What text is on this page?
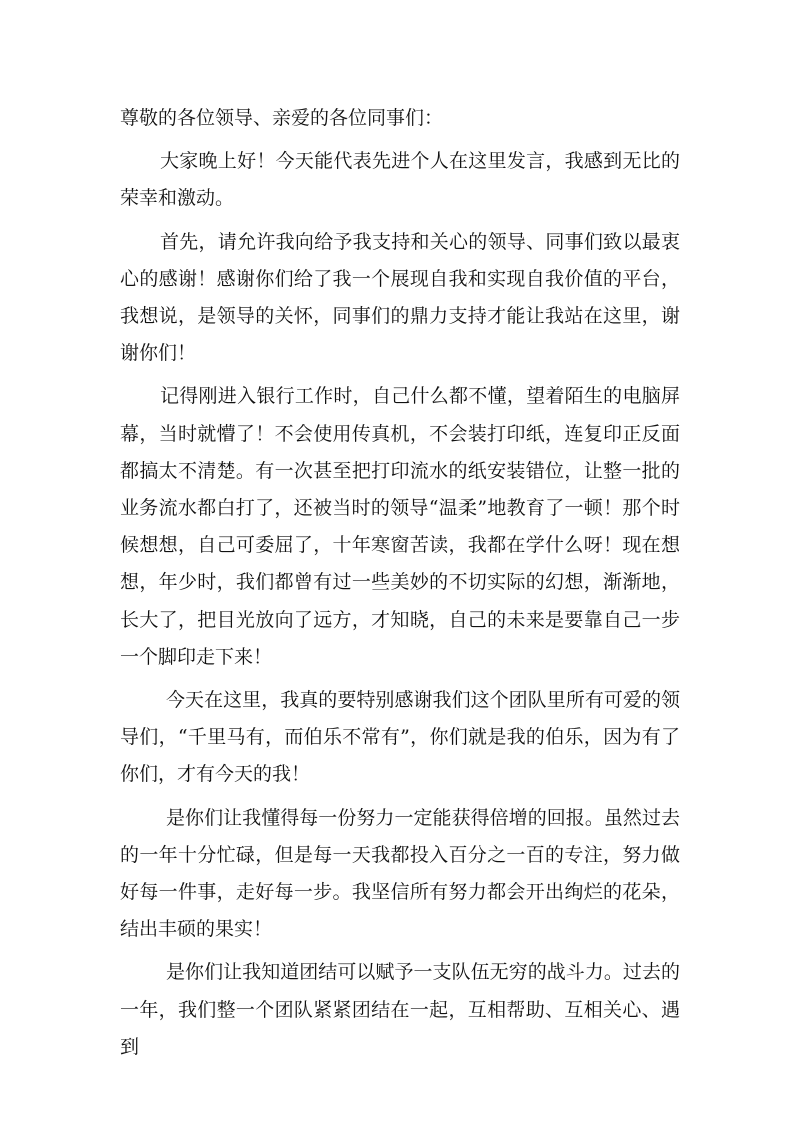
尊敬的各位领导、亲爱的各位同事们：

大家晚上好！今天能代表先进个人在这里发言，我感到无比的荣幸和激动。

首先，请允许我向给予我支持和关心的领导、同事们致以最衷心的感谢！感谢你们给了我一个展现自我和实现自我价值的平台，我想说，是领导的关怀，同事们的鼎力支持才能让我站在这里，谢谢你们！

记得刚进入银行工作时，自己什么都不懂，望着陌生的电脑屏幕，当时就懵了！不会使用传真机，不会装打印纸，连复印正反面都搞太不清楚。有一次甚至把打印流水的纸安装错位，让整一批的业务流水都白打了，还被当时的领导“温柔”地教育了一顿！那个时候想想，自己可委屈了，十年寒窗苦读，我都在学什么呀！现在想想，年少时，我们都曾有过一些美妙的不切实际的幻想，渐渐地，长大了，把目光放向了远方，才知晓，自己的未来是要靠自己一步一个脚印走下来！

今天在这里，我真的要特别感谢我们这个团队里所有可爱的领导们，“千里马有，而伯乐不常有”，你们就是我的伯乐，因为有了你们，才有今天的我！

是你们让我懂得每一份努力一定能获得倍增的回报。虽然过去的一年十分忙碌，但是每一天我都投入百分之一百的专注，努力做好每一件事，走好每一步。我坚信所有努力都会开出绚烂的花朵，结出丰硕的果实！

是你们让我知道团结可以赋予一支队伍无穷的战斗力。过去的一年，我们整一个团队紧紧团结在一起，互相帮助、互相关心、遇到
